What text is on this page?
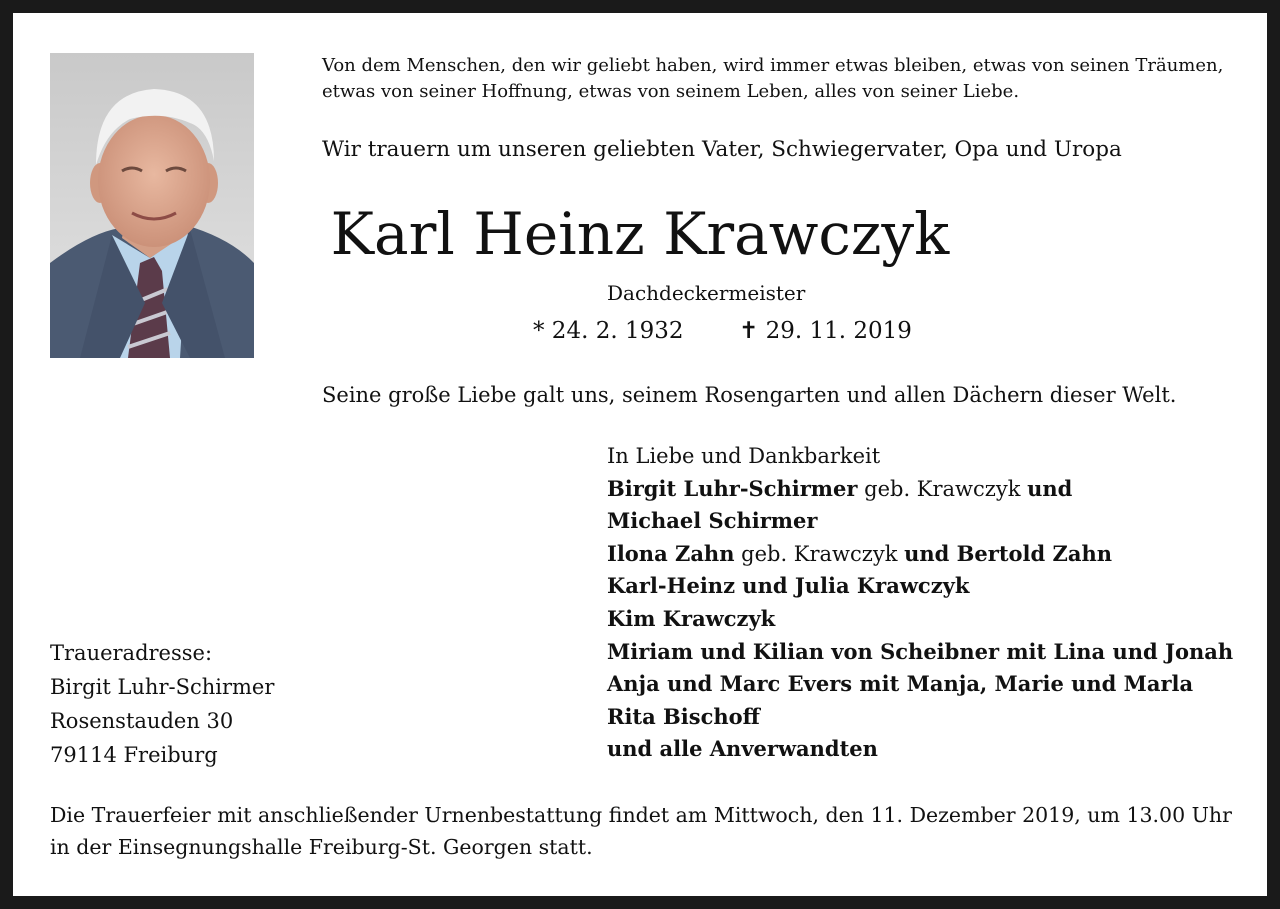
Von dem Menschen, den wir geliebt haben, wird immer etwas bleiben, etwas von seinen Träumen,
etwas von seiner Hoffnung, etwas von seinem Leben, alles von seiner Liebe.
Wir trauern um unseren geliebten Vater, Schwiegervater, Opa und Uropa
Karl Heinz Krawczyk
Dachdeckermeister
* 24. 2. 1932 ✝ 29. 11. 2019
Seine große Liebe galt uns, seinem Rosengarten und allen Dächern dieser Welt.
In Liebe und Dankbarkeit
Birgit Luhr-Schirmer geb. Krawczyk und
Michael Schirmer
Ilona Zahn geb. Krawczyk und Bertold Zahn
Karl-Heinz und Julia Krawczyk
Kim Krawczyk
Miriam und Kilian von Scheibner mit Lina und Jonah
Anja und Marc Evers mit Manja, Marie und Marla
Rita Bischoff
und alle Anverwandten
Traueradresse:
Birgit Luhr-Schirmer
Rosenstauden 30
79114 Freiburg
Die Trauerfeier mit anschließender Urnenbestattung findet am Mittwoch, den 11. Dezember 2019, um 13.00 Uhr
in der Einsegnungshalle Freiburg-St. Georgen statt.
